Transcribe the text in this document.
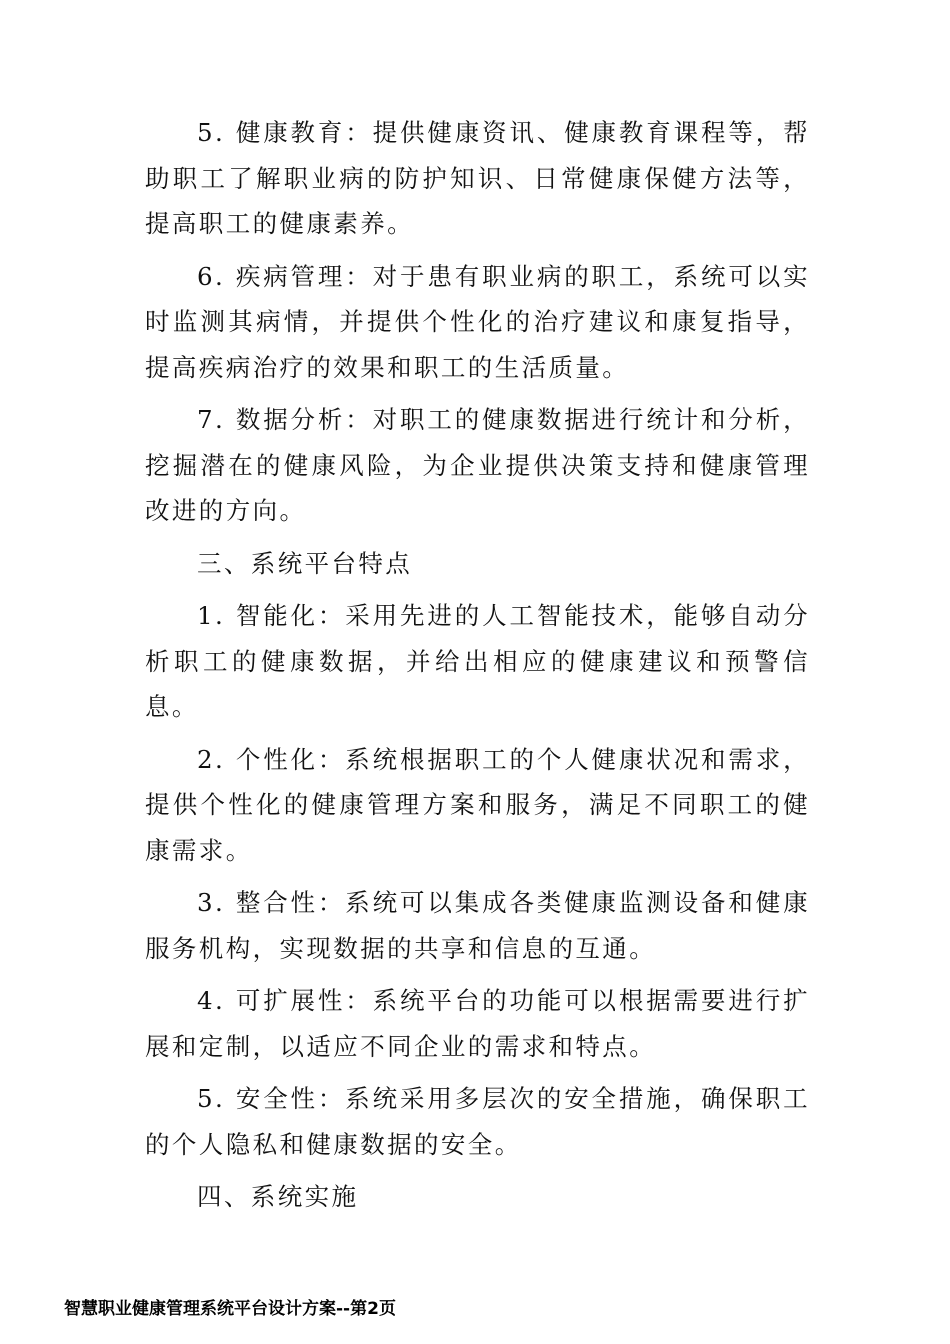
5. 健康教育：提供健康资讯、健康教育课程等，帮助职工了解职业病的防护知识、日常健康保健方法等，提高职工的健康素养。

6. 疾病管理：对于患有职业病的职工，系统可以实时监测其病情，并提供个性化的治疗建议和康复指导，提高疾病治疗的效果和职工的生活质量。

7. 数据分析：对职工的健康数据进行统计和分析，挖掘潜在的健康风险，为企业提供决策支持和健康管理改进的方向。

三、系统平台特点

1. 智能化：采用先进的人工智能技术，能够自动分析职工的健康数据，并给出相应的健康建议和预警信息。

2. 个性化：系统根据职工的个人健康状况和需求，提供个性化的健康管理方案和服务，满足不同职工的健康需求。

3. 整合性：系统可以集成各类健康监测设备和健康服务机构，实现数据的共享和信息的互通。

4. 可扩展性：系统平台的功能可以根据需要进行扩展和定制，以适应不同企业的需求和特点。

5. 安全性：系统采用多层次的安全措施，确保职工的个人隐私和健康数据的安全。

四、系统实施

智慧职业健康管理系统平台设计方案--第2页
